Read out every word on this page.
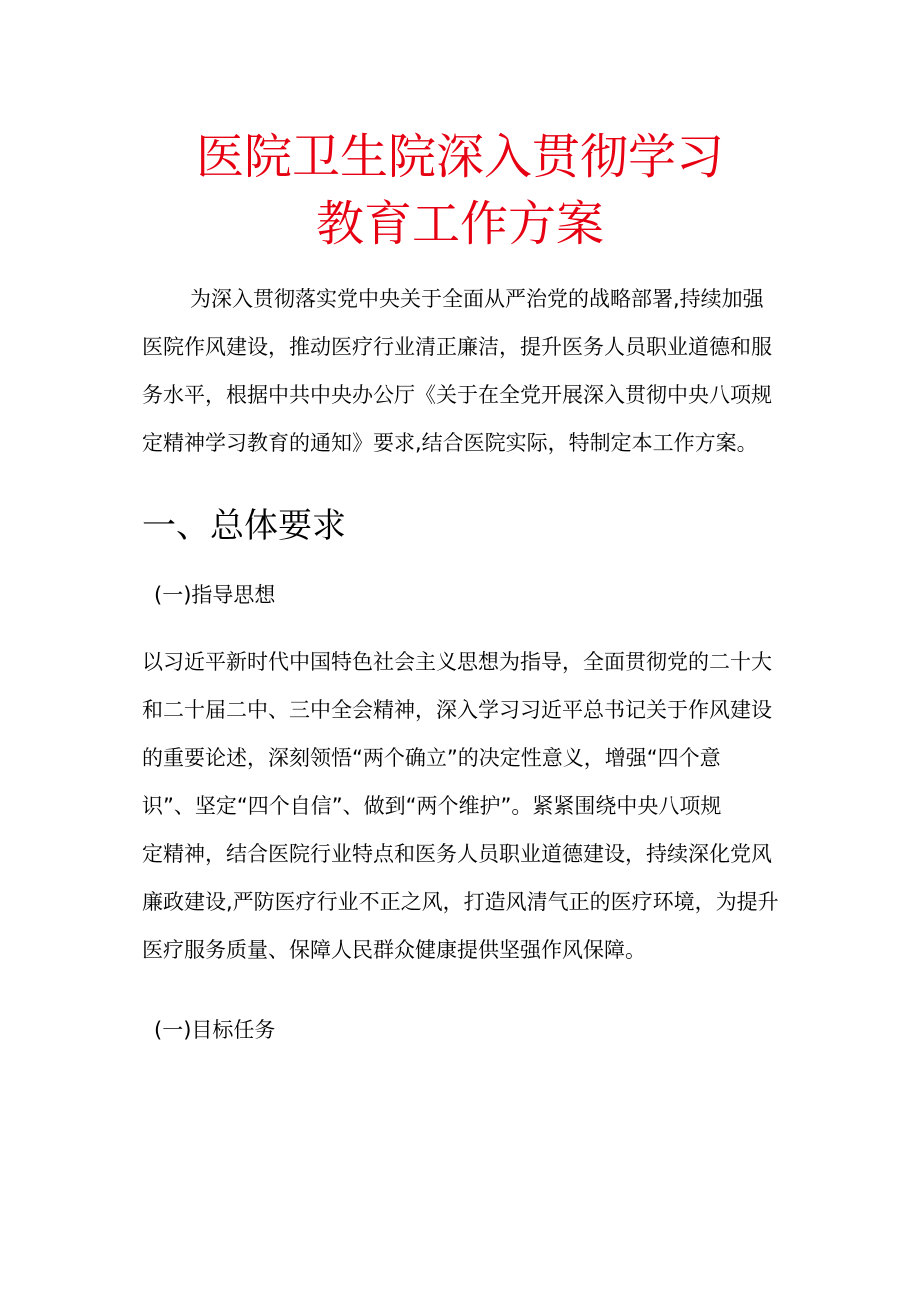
医院卫生院深入贯彻学习
教育工作方案

为深入贯彻落实党中央关于全面从严治党的战略部署,持续加强

医院作风建设，推动医疗行业清正廉洁，提升医务人员职业道德和服

务水平，根据中共中央办公厅《关于在全党开展深入贯彻中央八项规

定精神学习教育的通知》要求,结合医院实际，特制定本工作方案。

一、总体要求

(一)指导思想

以习近平新时代中国特色社会主义思想为指导，全面贯彻党的二十大

和二十届二中、三中全会精神，深入学习习近平总书记关于作风建设

的重要论述，深刻领悟“两个确立”的决定性意义，增强“四个意

识”、坚定“四个自信”、做到“两个维护”。紧紧围绕中央八项规

定精神，结合医院行业特点和医务人员职业道德建设，持续深化党风

廉政建设,严防医疗行业不正之风，打造风清气正的医疗环境，为提升

医疗服务质量、保障人民群众健康提供坚强作风保障。

(一)目标任务
